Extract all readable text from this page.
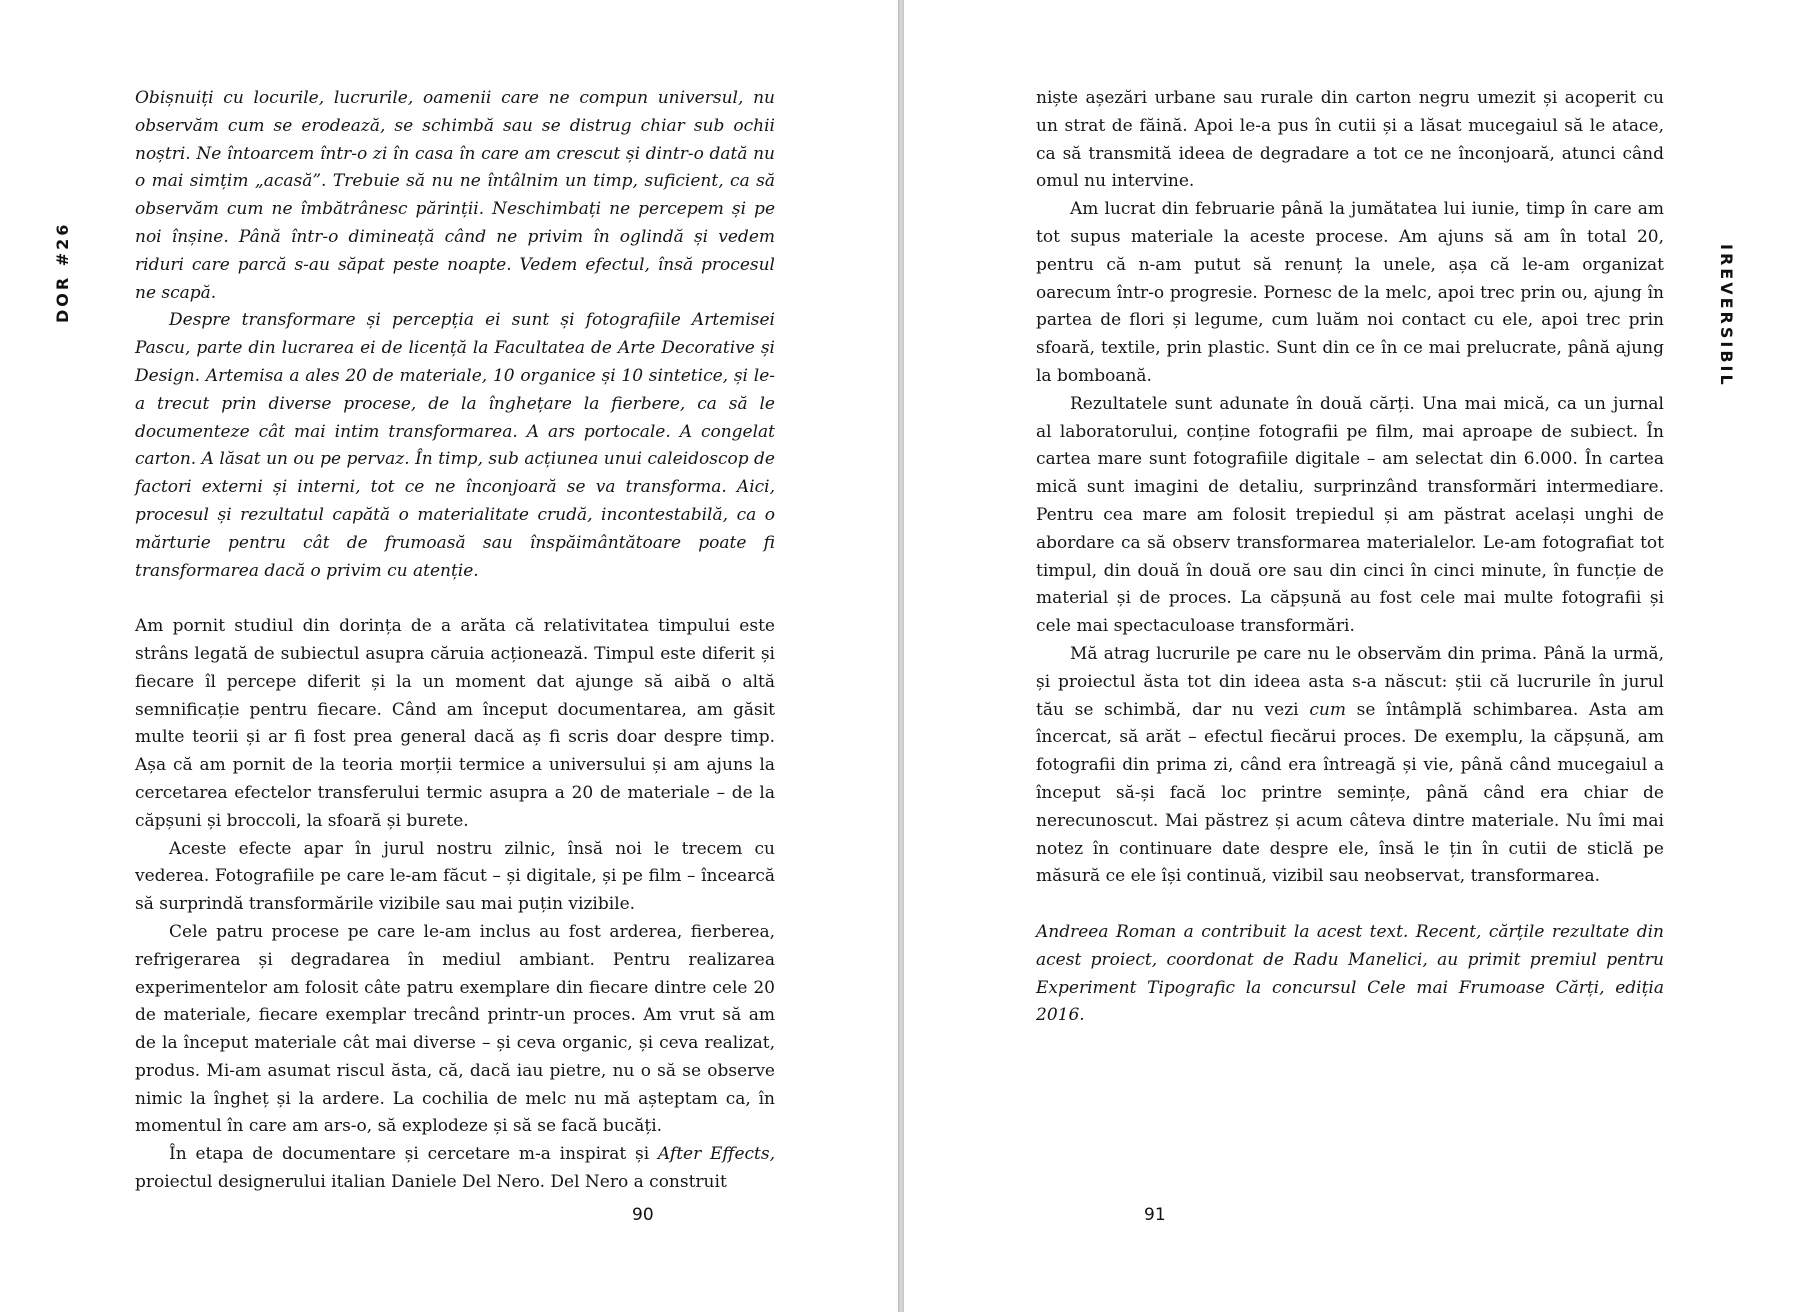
DOR #26

Obișnuiți cu locurile, lucrurile, oamenii care ne compun universul, nu observăm cum se erodează, se schimbă sau se distrug chiar sub ochii noștri. Ne întoarcem într-o zi în casa în care am crescut și dintr-o dată nu o mai simțim „acasă”. Trebuie să nu ne întâlnim un timp, suficient, ca să observăm cum ne îmbătrânesc părinții. Neschimbați ne percepem și pe noi înșine. Până într-o dimineață când ne privim în oglindă și vedem riduri care parcă s-au săpat peste noapte. Vedem efectul, însă procesul ne scapă.

Despre transformare și percepția ei sunt și fotografiile Artemisei Pascu, parte din lucrarea ei de licență la Facultatea de Arte Decorative și Design. Artemisa a ales 20 de materiale, 10 organice și 10 sintetice, și le-a trecut prin diverse procese, de la înghețare la fierbere, ca să le documenteze cât mai intim transformarea. A ars portocale. A congelat carton. A lăsat un ou pe pervaz. În timp, sub acțiunea unui caleidoscop de factori externi și interni, tot ce ne înconjoară se va transforma. Aici, procesul și rezultatul capătă o materialitate crudă, incontestabilă, ca o mărturie pentru cât de frumoasă sau înspăimântătoare poate fi transformarea dacă o privim cu atenție.

Am pornit studiul din dorința de a arăta că relativitatea timpului este strâns legată de subiectul asupra căruia acționează. Timpul este diferit și fiecare îl percepe diferit și la un moment dat ajunge să aibă o altă semnificație pentru fiecare. Când am început documentarea, am găsit multe teorii și ar fi fost prea general dacă aș fi scris doar despre timp. Așa că am pornit de la teoria morții termice a universului și am ajuns la cercetarea efectelor transferului termic asupra a 20 de materiale – de la căpșuni și broccoli, la sfoară și burete.

Aceste efecte apar în jurul nostru zilnic, însă noi le trecem cu vederea. Fotografiile pe care le-am făcut – și digitale, și pe film – încearcă să surprindă transformările vizibile sau mai puțin vizibile.

Cele patru procese pe care le-am inclus au fost arderea, fierberea, refrigerarea și degradarea în mediul ambiant. Pentru realizarea experimentelor am folosit câte patru exemplare din fiecare dintre cele 20 de materiale, fiecare exemplar trecând printr-un proces. Am vrut să am de la început materiale cât mai diverse – și ceva organic, și ceva realizat, produs. Mi-am asumat riscul ăsta, că, dacă iau pietre, nu o să se observe nimic la îngheț și la ardere. La cochilia de melc nu mă așteptam ca, în momentul în care am ars-o, să explodeze și să se facă bucăți.

În etapa de documentare și cercetare m-a inspirat și After Effects, proiectul designerului italian Daniele Del Nero. Del Nero a construit

90

niște așezări urbane sau rurale din carton negru umezit și acoperit cu un strat de făină. Apoi le-a pus în cutii și a lăsat mucegaiul să le atace, ca să transmită ideea de degradare a tot ce ne înconjoară, atunci când omul nu intervine.

Am lucrat din februarie până la jumătatea lui iunie, timp în care am tot supus materiale la aceste procese. Am ajuns să am în total 20, pentru că n-am putut să renunț la unele, așa că le-am organizat oarecum într-o progresie. Pornesc de la melc, apoi trec prin ou, ajung în partea de flori și legume, cum luăm noi contact cu ele, apoi trec prin sfoară, textile, prin plastic. Sunt din ce în ce mai prelucrate, până ajung la bomboană.

Rezultatele sunt adunate în două cărți. Una mai mică, ca un jurnal al laboratorului, conține fotografii pe film, mai aproape de subiect. În cartea mare sunt fotografiile digitale – am selectat din 6.000. În cartea mică sunt imagini de detaliu, surprinzând transformări intermediare. Pentru cea mare am folosit trepiedul și am păstrat același unghi de abordare ca să observ transformarea materialelor. Le-am fotografiat tot timpul, din două în două ore sau din cinci în cinci minute, în funcție de material și de proces. La căpșună au fost cele mai multe fotografii și cele mai spectaculoase transformări.

Mă atrag lucrurile pe care nu le observăm din prima. Până la urmă, și proiectul ăsta tot din ideea asta s-a născut: știi că lucrurile în jurul tău se schimbă, dar nu vezi cum se întâmplă schimbarea. Asta am încercat, să arăt – efectul fiecărui proces. De exemplu, la căpșună, am fotografii din prima zi, când era întreagă și vie, până când mucegaiul a început să-și facă loc printre semințe, până când era chiar de nerecunoscut. Mai păstrez și acum câteva dintre materiale. Nu îmi mai notez în continuare date despre ele, însă le țin în cutii de sticlă pe măsură ce ele își continuă, vizibil sau neobservat, transformarea.

Andreea Roman a contribuit la acest text. Recent, cărțile rezultate din acest proiect, coordonat de Radu Manelici, au primit premiul pentru Experiment Tipografic la concursul Cele mai Frumoase Cărți, ediția 2016.

IREVERSIBIL
91
